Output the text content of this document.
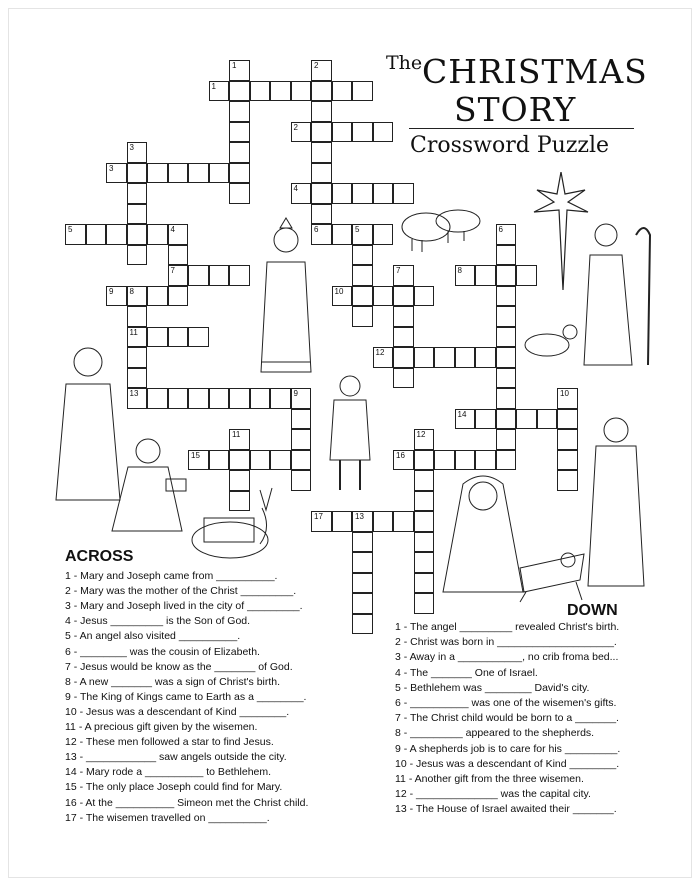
The CHRISTMAS
STORY
Crossword Puzzle
1
2
3
4
5	4	6	5
7	8
9 8	10
11
12
13	9
14
15	16
17	13
1	2
3
6
7
10
11	12
ACROSS
1 - Mary and Joseph came from __________.
2 - Mary was the mother of the Christ _________.
3 - Mary and Joseph lived in the city of _________.
4 - Jesus _________ is the Son of God.
5 - An angel also visited __________.
6 - ________ was the cousin of Elizabeth.
7 - Jesus would be know as the _______ of God.
8 - A new _______ was a sign of Christ's birth.
9 - The King of Kings came to Earth as a ________.
10 - Jesus was a descendant of Kind ________.
11 - A precious gift given by the wisemen.
12 - These men followed a star to find Jesus.
13 - ____________ saw angels outside the city.
14 - Mary rode a __________ to Bethlehem.
15 - The only place Joseph could find for Mary.
16 - At the __________ Simeon met the Christ child.
17 - The wisemen travelled on __________.
DOWN
1 - The angel _________ revealed Christ's birth.
2 - Christ was born in ____________________.
3 - Away in a ___________, no crib froma bed...
4 - The _______ One of Israel.
5 - Bethlehem was ________ David's city.
6 - __________ was one of the wisemen's gifts.
7 - The Christ child would be born to a _______.
8 - _________ appeared to the shepherds.
9 - A shepherds job is to care for his _________.
10 - Jesus was a descendant of Kind ________.
11 - Another gift from the three wisemen.
12 - ______________ was the capital city.
13 - The House of Israel awaited their _______.
